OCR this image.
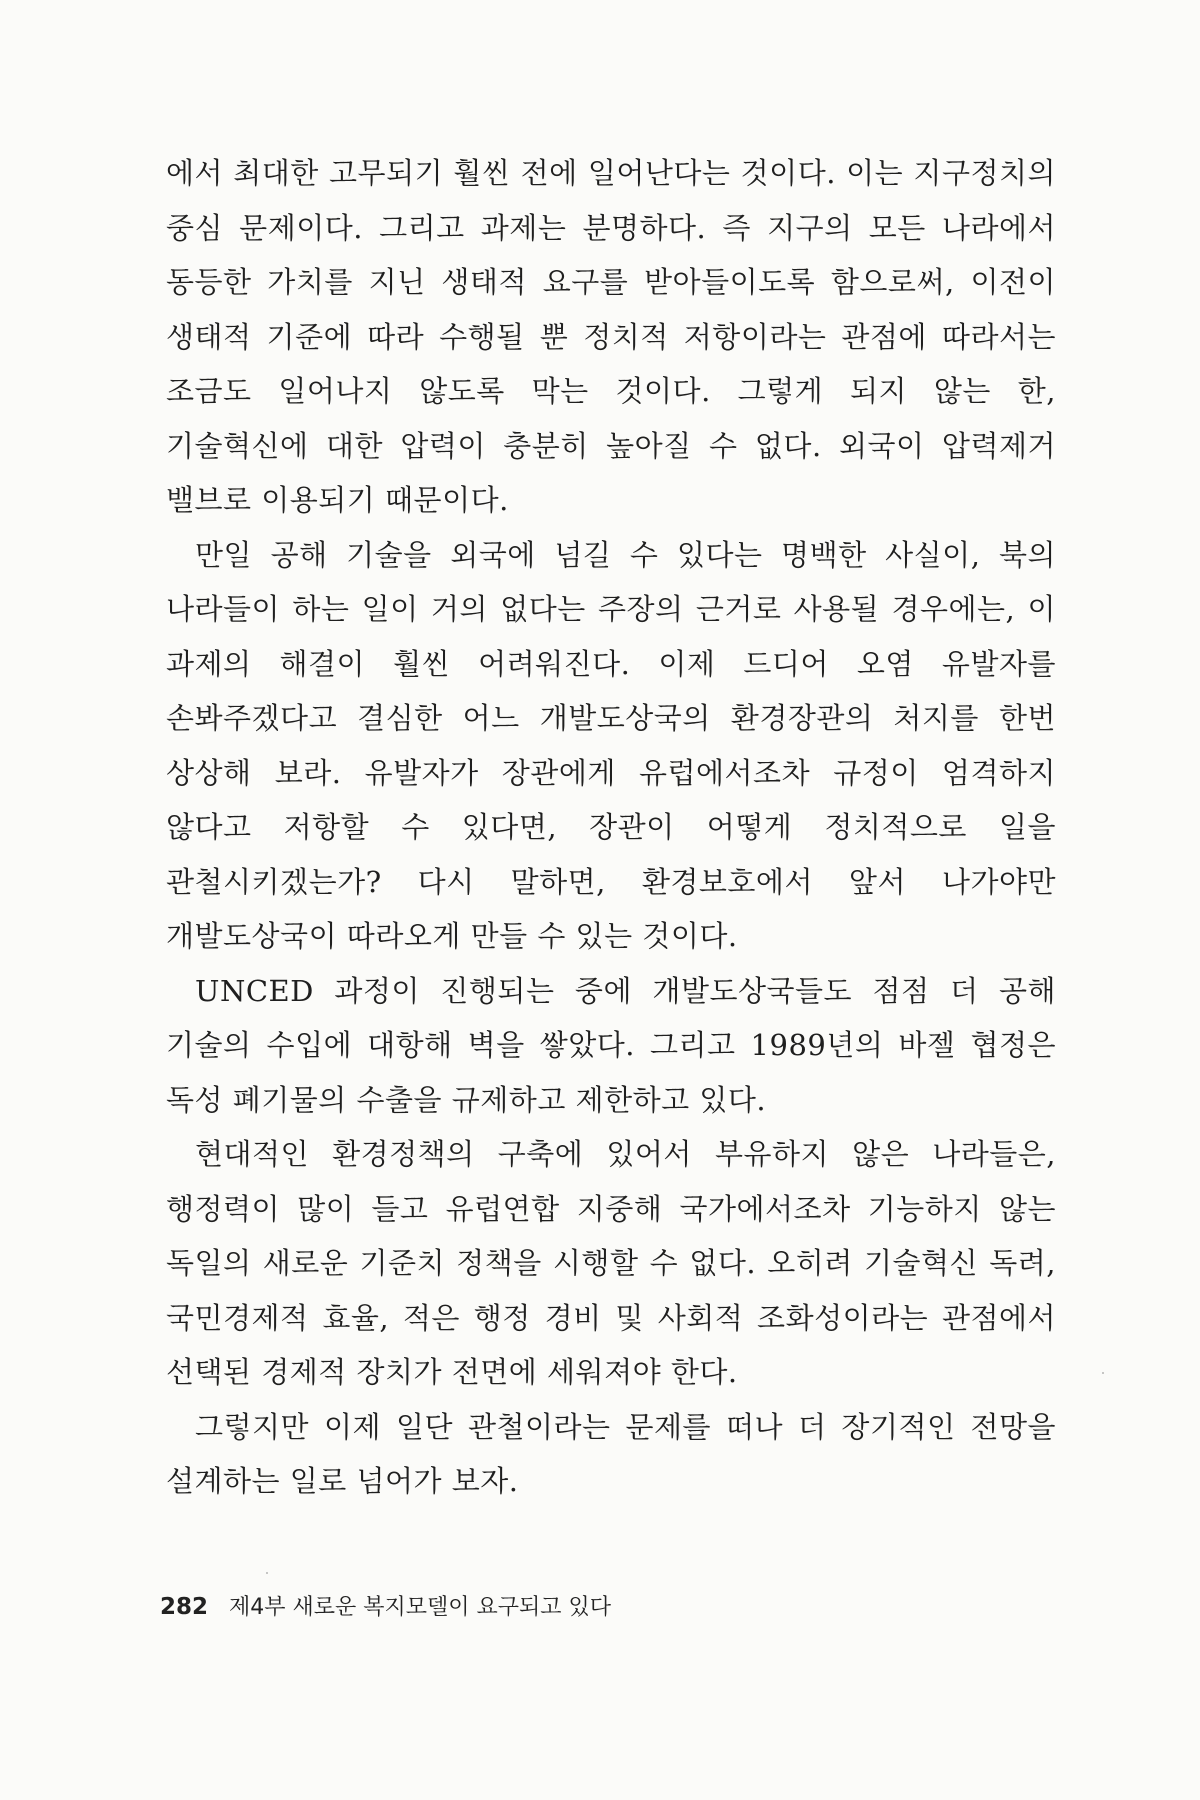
에서 최대한 고무되기 훨씬 전에 일어난다는 것이다. 이는 지구정치의 중심 문제이다. 그리고 과제는 분명하다. 즉 지구의 모든 나라에서 동등한 가치를 지닌 생태적 요구를 받아들이도록 함으로써, 이전이 생태적 기준에 따라 수행될 뿐 정치적 저항이라는 관점에 따라서는 조금도 일어나지 않도록 막는 것이다. 그렇게 되지 않는 한, 기술혁신에 대한 압력이 충분히 높아질 수 없다. 외국이 압력제거 밸브로 이용되기 때문이다.

만일 공해 기술을 외국에 넘길 수 있다는 명백한 사실이, 북의 나라들이 하는 일이 거의 없다는 주장의 근거로 사용될 경우에는, 이 과제의 해결이 훨씬 어려워진다. 이제 드디어 오염 유발자를 손봐주겠다고 결심한 어느 개발도상국의 환경장관의 처지를 한번 상상해 보라. 유발자가 장관에게 유럽에서조차 규정이 엄격하지 않다고 저항할 수 있다면, 장관이 어떻게 정치적으로 일을 관철시키겠는가? 다시 말하면, 환경보호에서 앞서 나가야만 개발도상국이 따라오게 만들 수 있는 것이다.

UNCED 과정이 진행되는 중에 개발도상국들도 점점 더 공해 기술의 수입에 대항해 벽을 쌓았다. 그리고 1989년의 바젤 협정은 독성 폐기물의 수출을 규제하고 제한하고 있다.

현대적인 환경정책의 구축에 있어서 부유하지 않은 나라들은, 행정력이 많이 들고 유럽연합 지중해 국가에서조차 기능하지 않는 독일의 새로운 기준치 정책을 시행할 수 없다. 오히려 기술혁신 독려, 국민경제적 효율, 적은 행정 경비 및 사회적 조화성이라는 관점에서 선택된 경제적 장치가 전면에 세워져야 한다.

그렇지만 이제 일단 관철이라는 문제를 떠나 더 장기적인 전망을 설계하는 일로 넘어가 보자.

282 제4부 새로운 복지모델이 요구되고 있다
